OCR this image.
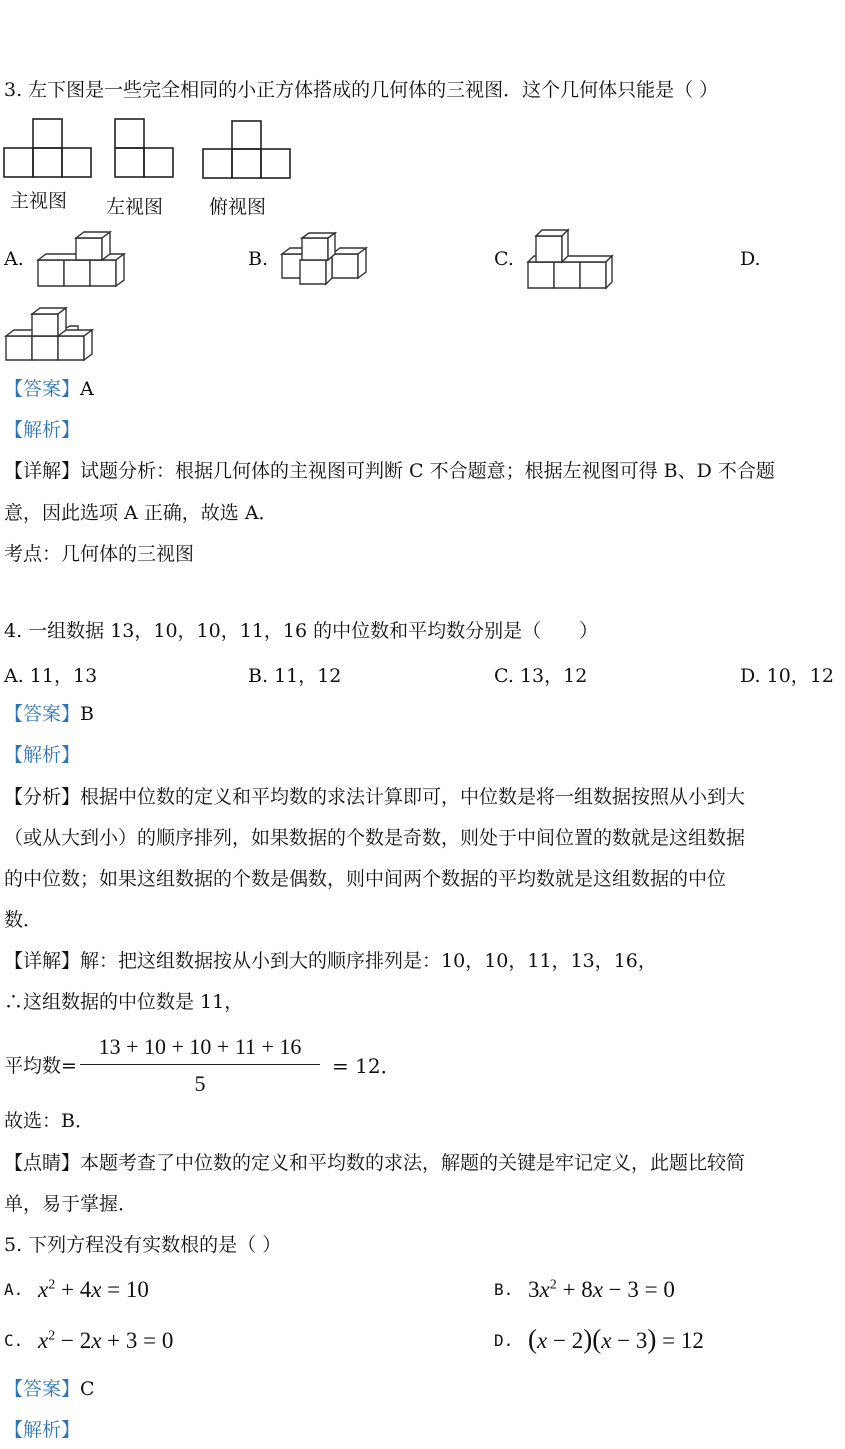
3. 左下图是一些完全相同的小正方体搭成的几何体的三视图．这个几何体只能是（ ）
主视图 左视图 俯视图
A.	B.	C.	D.
【答案】A
【解析】
【详解】试题分析：根据几何体的主视图可判断 C 不合题意；根据左视图可得 B、D 不合题
意，因此选项 A 正确，故选 A．
考点：几何体的三视图
4. 一组数据 13，10，10，11，16 的中位数和平均数分别是（　　）
A. 11，13	B. 11，12	C. 13，12	D. 10，12
【答案】B
【解析】
【分析】根据中位数的定义和平均数的求法计算即可，中位数是将一组数据按照从小到大
（或从大到小）的顺序排列，如果数据的个数是奇数，则处于中间位置的数就是这组数据
的中位数；如果这组数据的个数是偶数，则中间两个数据的平均数就是这组数据的中位
数．
【详解】解：把这组数据按从小到大的顺序排列是：10，10，11，13，16，
∴这组数据的中位数是 11，
平均数=
13 + 10 + 10 + 11 + 16
5
= 12．
故选：B．
【点睛】本题考查了中位数的定义和平均数的求法，解题的关键是牢记定义，此题比较简
单，易于掌握．
5. 下列方程没有实数根的是（ ）
A. $x^2 + 4x = 10$	B. $3x^2 + 8x - 3 = 0$
C. $x^2 - 2x + 3 = 0$	D. (x − 2)(x − 3) = 12
【答案】C
【解析】
